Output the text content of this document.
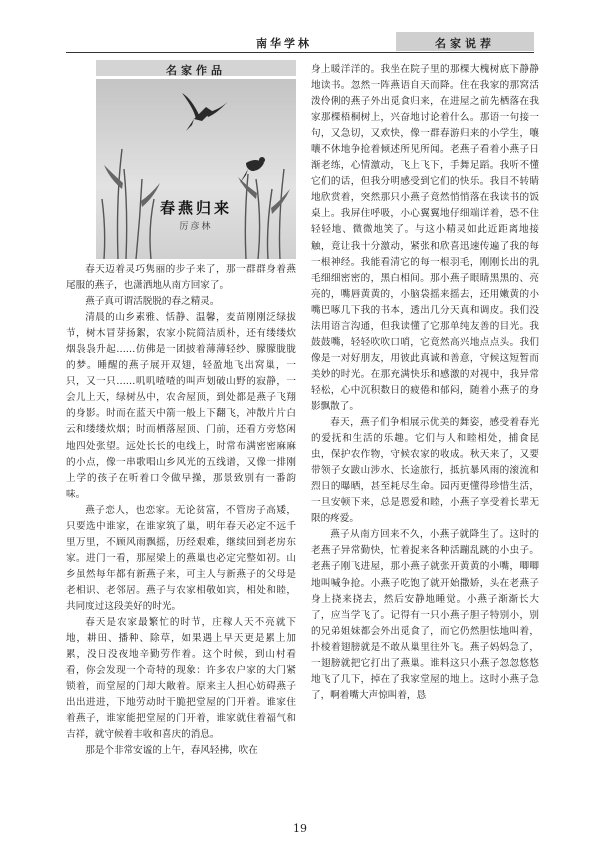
南华学林	名家说荐
名家作品
春燕归来
厉彦林

春天迈着灵巧隽丽的步子来了，那一群群身着燕尾服的燕子，也潇洒地从南方回家了。

燕子真可谓活脱脱的春之精灵。

清晨的山乡素雅、恬静、温馨，麦苗刚刚泛绿拔节，树木冒芽扬絮，农家小院简洁质朴，还有缕缕炊烟袅袅升起……仿佛是一团披着薄薄轻纱、朦朦胧胧的梦。睡醒的燕子展开双翅，轻盈地飞出窝巢，一只，又一只……叽叽喳喳的叫声划破山野的寂静，一会儿上天，绿树丛中，农舍屋顶，到处都是燕子飞翔的身影。时而在蓝天中箭一般上下翻飞，冲散片片白云和缕缕炊烟；时而栖落屋顶、门前，还看方旁悠闲地四处张望。远处长长的电线上，时常布满密密麻麻的小点，像一串歌唱山乡风光的五线谱，又像一排刚上学的孩子在听着口令做早操，那景致别有一番韵味。

燕子恋人，也恋家。无论贫富，不管房子高矮，只要选中谁家，在谁家筑了巢，明年春天必定不远千里万里，不顾风雨飘摇，历经艰难，继续回到老房东家。进门一看，那屋梁上的燕巢也必定完整如初。山乡虽然每年都有新燕子来，可主人与新燕子的父母是老相识、老邻居。燕子与农家相敬如宾，相处和睦，共同度过这段美好的时光。

春天是农家最繁忙的时节，庄稼人天不亮就下地，耕田、播种、除草，如果遇上早天更是累上加累，没日没夜地辛勤劳作着。这个时候，到山村看看，你会发现一个奇特的现象：许多农户家的大门紧锁着，而堂屋的门却大敞着。原来主人担心妨碍燕子出出进进，下地劳动时干脆把堂屋的门开着。谁家住着燕子，谁家能把堂屋的门开着，谁家就住着福气和吉祥，就守候着丰收和喜庆的消息。

那是个非常安谧的上午，春风轻拂，吹在

身上暖洋洋的。我坐在院子里的那棵大槐树底下静静地读书。忽然一阵燕语自天而降。住在我家的那窝活泼伶俐的燕子外出觅食归来，在进屋之前先栖落在我家那棵梧桐树上，兴奋地讨论着什么。那语一句接一句，又急切，又欢快，像一群春游归来的小学生，嚷嚷不休地争抢着倾述所见所闻。老燕子看着小燕子日渐老练，心情激动，飞上飞下，手舞足蹈。我听不懂它们的话，但我分明感受到它们的快乐。我目不转睛地欣赏着，突然那只小燕子竟然悄悄落在我读书的饭桌上。我屏住呼吸，小心翼翼地仔细端详着，恐不住轻轻地、微微地笑了。与这小精灵如此近距离地接触，竟让我十分激动，紧张和欣喜迅速传遍了我的每一根神经。我能看清它的每一根羽毛，刚刚长出的乳毛细细密密的，黑白相间。那小燕子眼睛黑黑的、亮亮的，嘴唇黄黄的，小脑袋摇来摇去，还用嫩黄的小嘴巴啄几下我的书本，透出几分天真和调皮。我们没法用语言沟通，但我读懂了它那单纯友善的目光。我鼓鼓嘴，轻轻吹吹口哨，它竟然高兴地点点头。我们像是一对好朋友，用彼此真诚和善意，守候这短暂而美妙的时光。在那充满快乐和感激的对视中，我异常轻松，心中沉积数日的疲倦和郁闷，随着小燕子的身影飘散了。

春天，燕子们争相展示优美的舞姿，感受着春光的爱抚和生活的乐趣。它们与人和睦相处，捕食昆虫，保护农作物，守候农家的收成。秋天来了，又要带领子女跋山涉水、长途旅行，抵抗暴风雨的滚流和烈日的曝晒，甚至耗尽生命。园丙更懂得珍惜生活，一旦安顿下来，总是恩爱和睦，小燕子享受着长辈无限的疼爱。

燕子从南方回来不久，小燕子就降生了。这时的老燕子异常勤快，忙着捉来各种活蹦乱跳的小虫子。老燕子刚飞进屋，那小燕子就张开黄黄的小嘴，唧唧地叫喊争抢。小燕子吃饱了就开始撒娇，头在老燕子身上挠来挠去，然后安静地睡觉。小燕子渐渐长大了，应当学飞了。记得有一只小燕子胆子特别小，别的兄弟姐妹都会外出觅食了，而它仍然胆怯地叫着，扑棱着翅膀就是不敢从巢里往外飞。燕子妈妈急了，一翅膀就把它打出了燕巢。谁料这只小燕子忽忽悠悠地飞了几下，掉在了我家堂屋的地上。这时小燕子急了，啊着嘴大声惊叫着，恳

19
